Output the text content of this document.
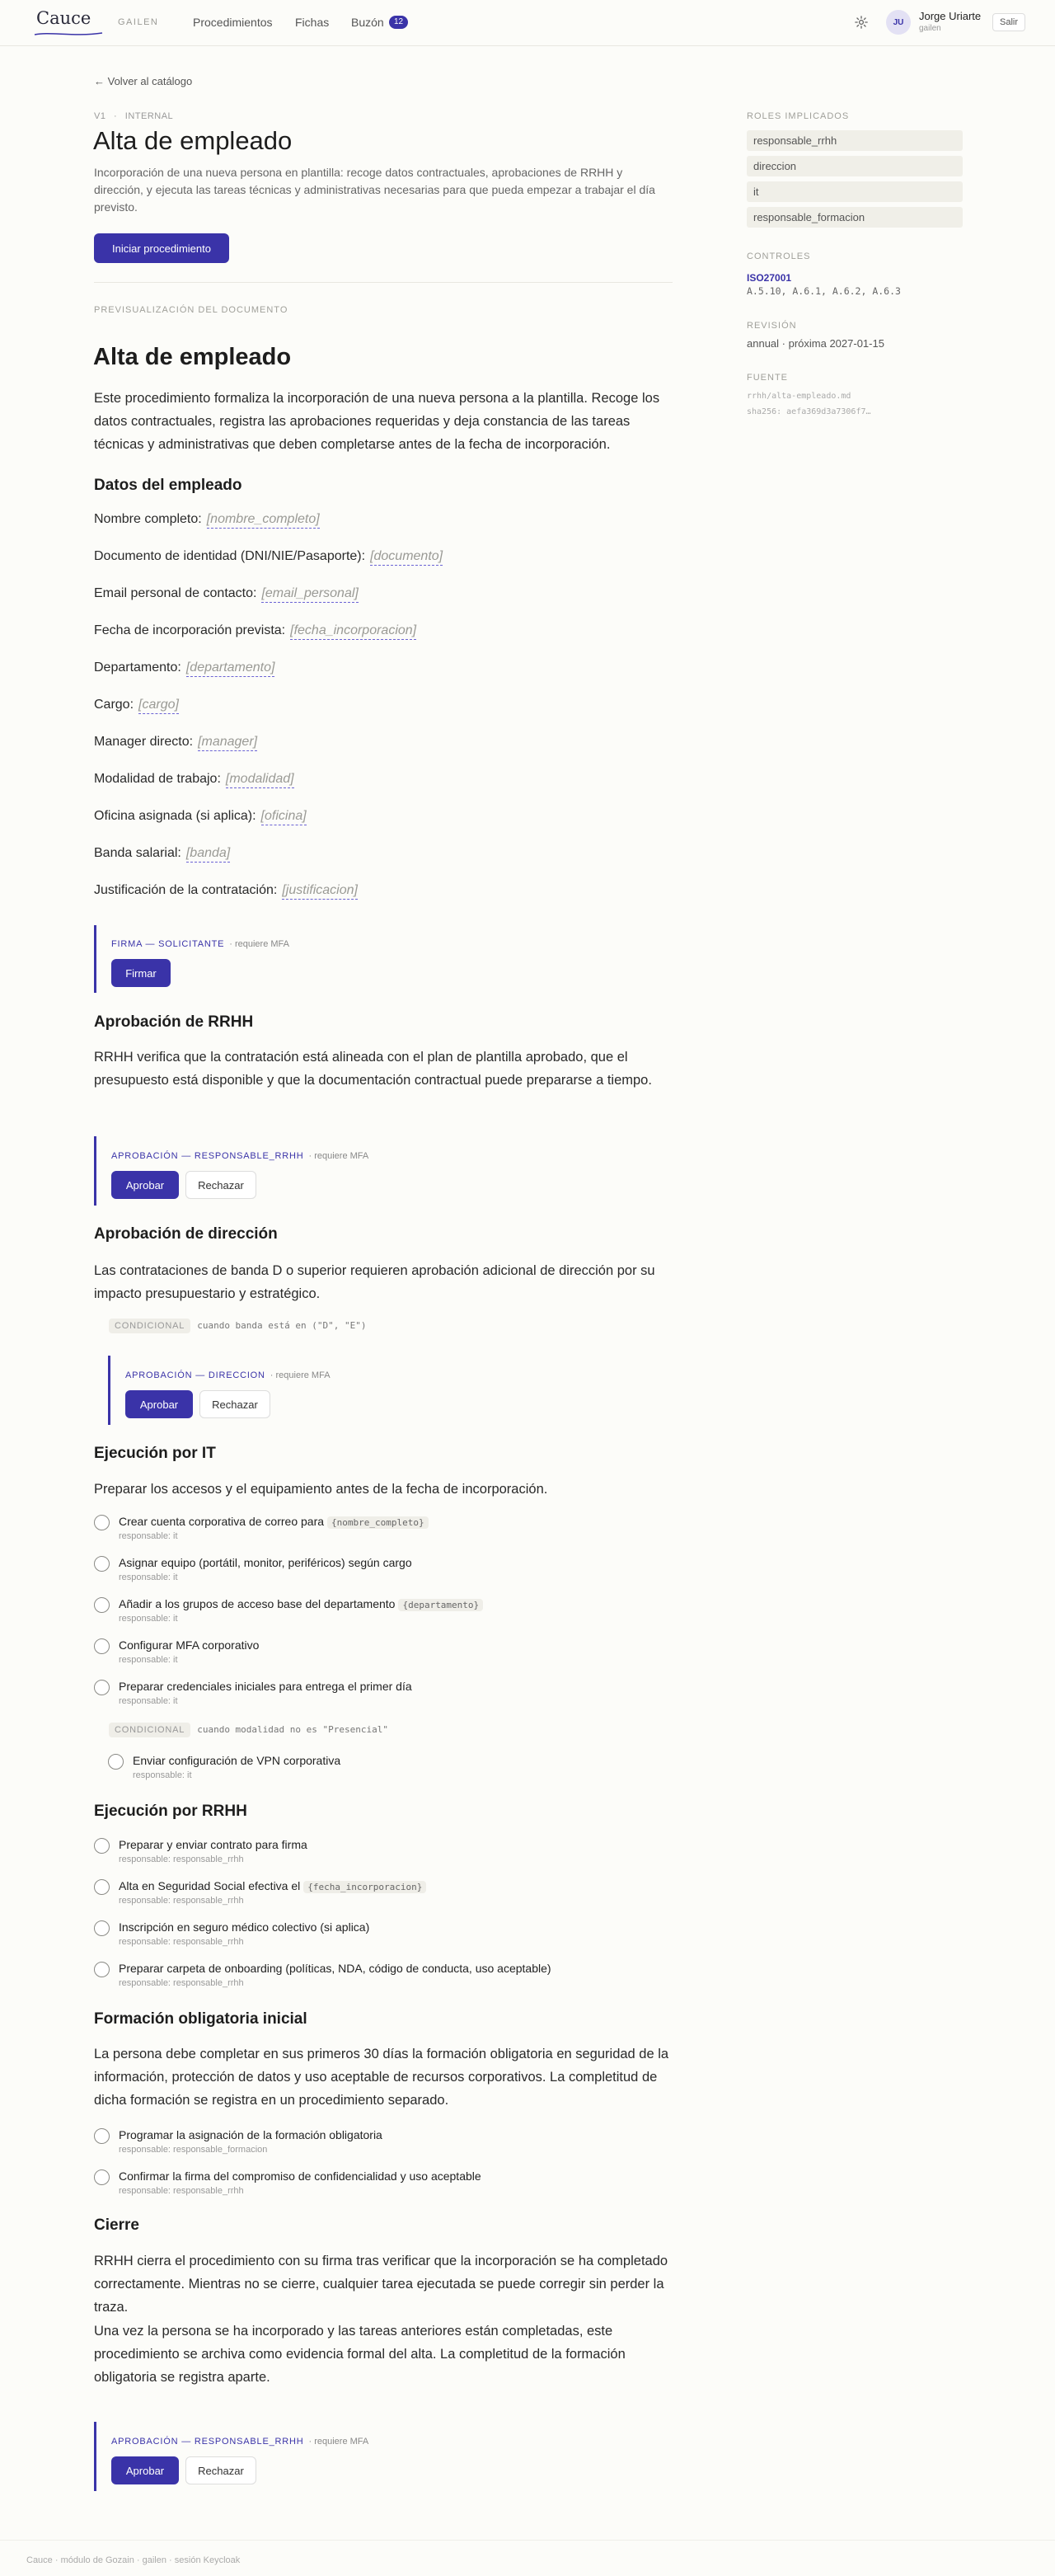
Cauce	GAILEN	Procedimientos Fichas Buzón	12	JU	Jorge Uriarte
gailen
Salir
← Volver al catálogo
V1 · INTERNAL
Alta de empleado

Incorporación de una nueva persona en plantilla: recoge datos contractuales, aprobaciones de RRHH y dirección, y ejecuta las tareas técnicas y administrativas necesarias para que pueda empezar a trabajar el día previsto.

Iniciar procedimiento
PREVISUALIZACIÓN DEL DOCUMENTO
Alta de empleado

Este procedimiento formaliza la incorporación de una nueva persona a la plantilla. Recoge los datos contractuales, registra las aprobaciones requeridas y deja constancia de las tareas técnicas y administrativas que deben completarse antes de la fecha de incorporación.

Datos del empleado
Nombre completo: [nombre_completo]
Documento de identidad (DNI/NIE/Pasaporte): [documento]
Email personal de contacto: [email_personal]
Fecha de incorporación prevista: [fecha_incorporacion]
Departamento: [departamento]
Cargo: [cargo]
Manager directo: [manager]
Modalidad de trabajo: [modalidad]
Oficina asignada (si aplica): [oficina]
Banda salarial: [banda]
Justificación de la contratación: [justificacion]
FIRMA — SOLICITANTE · requiere MFA
Firmar
Aprobación de RRHH

RRHH verifica que la contratación está alineada con el plan de plantilla aprobado, que el presupuesto está disponible y que la documentación contractual puede prepararse a tiempo.

APROBACIÓN — RESPONSABLE_RRHH · requiere MFA
Aprobar	Rechazar
Aprobación de dirección

Las contrataciones de banda D o superior requieren aprobación adicional de dirección por su impacto presupuestario y estratégico.

CONDICIONAL cuando banda está en ("D", "E")
APROBACIÓN — DIRECCION · requiere MFA
Aprobar	Rechazar
Ejecución por IT

Preparar los accesos y el equipamiento antes de la fecha de incorporación.

Crear cuenta corporativa de correo para {nombre_completo}
responsable: it
Asignar equipo (portátil, monitor, periféricos) según cargo
responsable: it
Añadir a los grupos de acceso base del departamento {departamento}
responsable: it
Configurar MFA corporativo
responsable: it
Preparar credenciales iniciales para entrega el primer día
responsable: it
CONDICIONAL cuando modalidad no es "Presencial"
Enviar configuración de VPN corporativa
responsable: it
Ejecución por RRHH
Preparar y enviar contrato para firma
responsable: responsable_rrhh
Alta en Seguridad Social efectiva el {fecha_incorporacion}
responsable: responsable_rrhh
Inscripción en seguro médico colectivo (si aplica)
responsable: responsable_rrhh
Preparar carpeta de onboarding (políticas, NDA, código de conducta, uso aceptable)
responsable: responsable_rrhh
Formación obligatoria inicial

La persona debe completar en sus primeros 30 días la formación obligatoria en seguridad de la información, protección de datos y uso aceptable de recursos corporativos. La completitud de dicha formación se registra en un procedimiento separado.

Programar la asignación de la formación obligatoria
responsable: responsable_formacion
Confirmar la firma del compromiso de confidencialidad y uso aceptable
responsable: responsable_rrhh
Cierre

RRHH cierra el procedimiento con su firma tras verificar que la incorporación se ha completado correctamente. Mientras no se cierre, cualquier tarea ejecutada se puede corregir sin perder la traza.

Una vez la persona se ha incorporado y las tareas anteriores están completadas, este procedimiento se archiva como evidencia formal del alta. La completitud de la formación obligatoria se registra aparte.

APROBACIÓN — RESPONSABLE_RRHH · requiere MFA
Aprobar	Rechazar
ROLES IMPLICADOS
responsable_rrhh
direccion
it
responsable_formacion
CONTROLES
ISO27001
A.5.10, A.6.1, A.6.2, A.6.3
REVISIÓN
annual · próxima 2027-01-15
FUENTE
rrhh/alta-empleado.md
sha256: aefa369d3a7306f7…
Cauce · módulo de Gozain · gailen · sesión Keycloak
